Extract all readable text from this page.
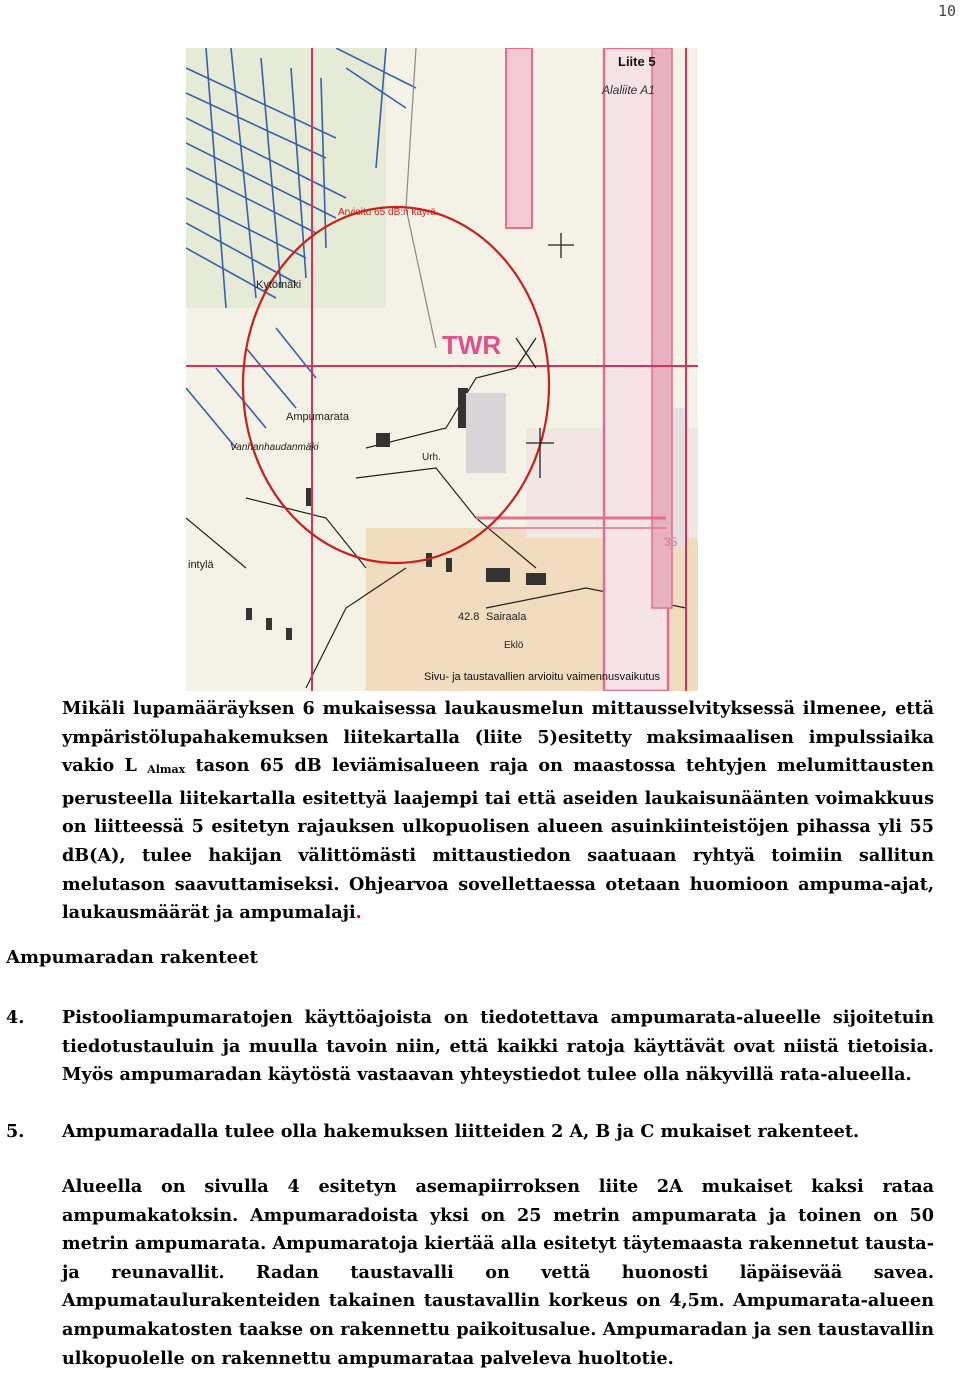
10
Liite 5
Alaliite A1
Arvioitu 65 dB:n käyrä
Kytömäki
Ampumarata
Vanhanhaudanmäki
TWR
Urh.
intylä
Sairaala
42.8
Eklö
35
Sivu- ja taustavallien arvioitu vaimennusvaikutus

Mikäli lupamääräyksen 6 mukaisessa laukausmelun mittausselvityksessä ilmenee, että ympäristölupahakemuksen liitekartalla (liite 5)esitetty maksimaalisen impulssiaika vakio L $_{Almax}$ tason 65 dB leviämisalueen raja on maastossa tehtyjen melumittausten perusteella liitekartalla esitettyä laajempi tai että aseiden laukaisunäänten voimakkuus on liitteessä 5 esitetyn rajauksen ulkopuolisen alueen asuinkiinteistöjen pihassa yli 55 dB(A), tulee hakijan välittömästi mittaustiedon saatuaan ryhtyä toimiin sallitun melutason saavuttamiseksi. Ohjearvoa sovellettaessa otetaan huomioon ampuma-ajat, laukausmäärät ja ampumalaji.

Ampumaradan rakenteet
4. Pistooliampumaratojen käyttöajoista on tiedotettava ampumarata-alueelle sijoitetuin tiedotustauluin ja muulla tavoin niin, että kaikki ratoja käyttävät ovat niistä tietoisia. Myös ampumaradan käytöstä vastaavan yhteystiedot tulee olla näkyvillä rata-alueella.

5. Ampumaradalla tulee olla hakemuksen liitteiden 2 A, B ja C mukaiset rakenteet.

Alueella on sivulla 4 esitetyn asemapiirroksen liite 2A mukaiset kaksi rataa ampumakatoksin. Ampumaradoista yksi on 25 metrin ampumarata ja toinen on 50 metrin ampumarata. Ampumaratoja kiertää alla esitetyt täytemaasta rakennetut tausta- ja reunavallit. Radan taustavalli on vettä huonosti läpäisevää savea. Ampumataulurakenteiden takainen taustavallin korkeus on 4,5m. Ampumarata-alueen ampumakatosten taakse on rakennettu paikoitusalue. Ampumaradan ja sen taustavallin ulkopuolelle on rakennettu ampumarataa palveleva huoltotie.
